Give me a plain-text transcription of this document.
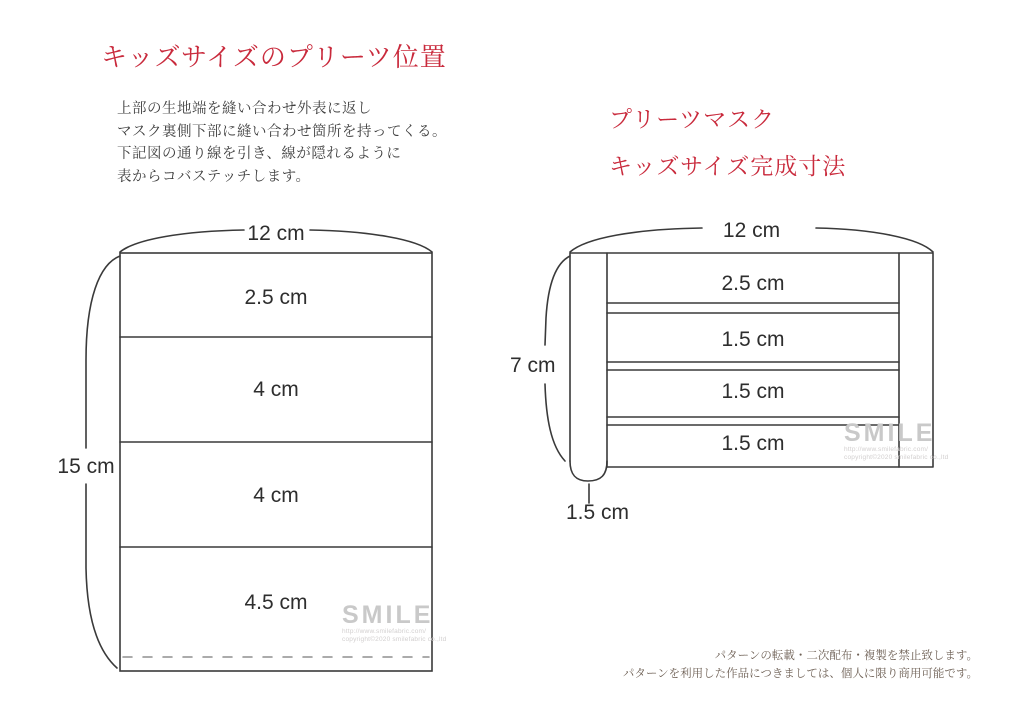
キッズサイズのプリーツ位置
上部の生地端を縫い合わせ外表に返し
マスク裏側下部に縫い合わせ箇所を持ってくる。
下記図の通り線を引き、線が隠れるように
表からコバステッチします。
12 cm
2.5 cm
4 cm
4 cm
4.5 cm
15 cm
プリーツマスク
キッズサイズ完成寸法
12 cm
2.5 cm
1.5 cm
1.5 cm
1.5 cm
7 cm
1.5 cm
SMILE
http://www.smilefabric.com/
copyright©2020 smilefabric co.,ltd
SMILE
http://www.smilefabric.com/
copyright©2020 smilefabric co.,ltd
パターンの転載・二次配布・複製を禁止致します。
パターンを利用した作品につきましては、個人に限り商用可能です。
